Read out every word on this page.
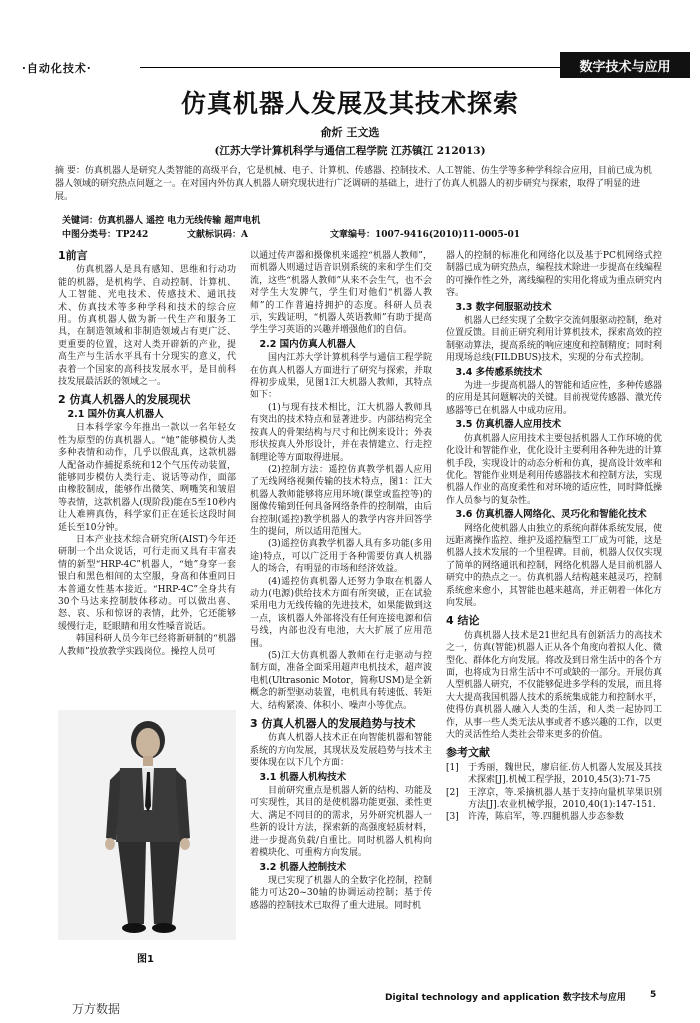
·自动化技术·	数字技术与应用
仿真机器人发展及其技术探索
俞炘 王文选
(江苏大学计算机科学与通信工程学院 江苏镇江 212013)
摘 要：仿真机器人是研究人类智能的高级平台，它是机械、电子、计算机、传感器、控制技术、人工智能、仿生学等多种学科综合应用，目前已成为机器人领域的研究热点问题之一。在对国内外仿真人机器人研究现状进行广泛调研的基础上，进行了仿真人机器人的初步研究与探索，取得了明显的进展。
关键词：仿真机器人 遥控 电力无线传输 超声电机
中图分类号：TP242	文献标识码：A	文章编号：1007-9416(2010)11-0005-01
1前言

仿真机器人是具有感知、思维和行动功能的机器，是机构学、自动控制、计算机、人工智能、光电技术、传感技术、通讯技术、仿真技术等多种学科和技术的综合应用。仿真机器人做为新一代生产和服务工具，在制造领域和非制造领域占有更广泛、更重要的位置，这对人类开辟新的产业，提高生产与生活水平具有十分现实的意义，代表着一个国家的高科技发展水平，是目前科技发展最活跃的领域之一。

2 仿真人机器人的发展现状
2.1 国外仿真人机器人

日本科学家今年推出一款以一名年轻女性为原型的仿真机器人。“她”能够模仿人类多种表情和动作，几乎以假乱真，这款机器人配备动作捕捉系统和12个气压传动装置，能够同步模仿人类行走、说话等动作，面部由橡胶制成，能够作出微笑、咧嘴笑和皱眉等表情，这款机器人(现阶段)能在5至10秒内让人难辨真伪，科学家们正在延长这段时间延长至10分钟。

日本产业技术综合研究所(AIST)今年还研制一个出众说话，可行走而又具有丰富表情的新型“HRP-4C”机器人，“她”身穿一套银白和黑色相间的太空服，身高和体重同日本普通女性基本接近。“HRP-4C”全身共有30个马达来控制肢体移动。可以做出喜、怒、哀、乐和惊讶的表情，此外，它还能够缓慢行走，眨眼睛和用女性嗓音说话。

韩国科研人员今年已经将新研制的“机器人教师”投放教学实践岗位。操控人员可

图1

以通过传声器和摄像机来遥控“机器人教师”，而机器人则通过语音识别系统的来和学生们交流，这些“机器人教师”从来不会生气，也不会对学生大发脾气，学生们对他们“机器人教师”的工作普遍持拥护的态度。科研人员表示，实践证明，“机器人英语教师”有助于提高学生学习英语的兴趣并增强他们的自信。

2.2 国内仿真人机器人

国内江苏大学计算机科学与通信工程学院在仿真人机器人方面进行了研究与探索，并取得初步成果，见图1江大机器人教师，其特点如下：

(1)与现有技术相比，江大机器人教师具有突出的技术特点和显著进步。内部结构完全按真人的骨架结构与尺寸和比例来设计；外表形状按真人外形设计，并在表情建立、行走控制理论等方面取得进展。

(2)控制方法：遥控仿真教学机器人应用了无线网络视频传输的技术特点，图1：江大机器人教师能够将应用环境(课堂或监控等)的图像传输到任何具备网络条件的控制端，由后台控制(遥控)教学机器人的教学内容并回答学生的提问，所以适用范围大。

(3)遥控仿真教学机器人具有多功能(多用途)特点，可以广泛用于各种需要仿真人机器人的场合，有明显的市场和经济效益。

(4)遥控仿真机器人还努力争取在机器人动力(电源)供给技术方面有所突破，正在试验采用电力无线传输的先进技术，如果能做到这一点，该机器人外部将没有任何连接电源和信号线，内部也没有电池，大大扩展了应用范围。

(5)江大仿真机器人教师在行走驱动与控制方面，准备全面采用超声电机技术，超声波电机(Ultrasonic Motor，简称USM)是全新概念的新型驱动装置，电机具有转速低、转矩大、结构紧凑、体积小、噪声小等优点。

3 仿真人机器人的发展趋势与技术

仿真人机器人技术正在向智能机器和智能系统的方向发展，其现状及发展趋势与技术主要体现在以下几个方面：

3.1 机器人机构技术

目前研究重点是机器人新的结构、功能及可实现性，其目的是使机器功能更强、柔性更大、满足不同目的的需求，另外研究机器人一些新的设计方法，探索新的高强度轻质材料，进一步提高负载/自重比。同时机器人机构向着模块化、可重构方向发展。

3.2 机器人控制技术

现已实现了机器人的全数字化控制，控制能力可达20~30轴的协调运动控制；基于传感器的控制技术已取得了重大进展。同时机

器人的控制的标准化和网络化以及基于PC机网络式控制器已成为研究热点，编程技术除进一步提高在线编程的可操作性之外，离线编程的实用化将成为重点研究内容。

3.3 数字伺服驱动技术

机器人已经实现了全数字交流伺服驱动控制，绝对位置反馈。目前正研究利用计算机技术，探索高效的控制驱动算法，提高系统的响应速度和控制精度；同时利用现场总线(FILDBUS)技术，实现的分布式控制。

3.4 多传感系统技术

为进一步提高机器人的智能和适应性，多种传感器的应用是其问题解决的关键。目前视觉传感器、激光传感器等已在机器人中成功应用。

3.5 仿真机器人应用技术

仿真机器人应用技术主要包括机器人工作环境的优化设计和智能作业，优化设计主要利用各种先进的计算机手段，实现设计的动态分析和仿真，提高设计效率和优化。智能作业则是利用传感器技术和控制方法，实现机器人作业的高度柔性和对环境的适应性，同时降低操作人员参与的复杂性。

3.6 仿真机器人网络化、灵巧化和智能化技术

网络化使机器人由独立的系统向群体系统发展，使远距离操作监控、维护及遥控脑型工厂成为可能，这是机器人技术发展的一个里程碑。目前，机器人仅仅实现了简单的网络通讯和控制，网络化机器人是目前机器人研究中的热点之一。仿真机器人结构越来越灵巧，控制系统愈来愈小，其智能也越来越高，并正朝着一体化方向发展。

4 结论

仿真机器人技术是21世纪具有创新活力的高技术之一，仿真(智能)机器人正从各个角度向着拟人化、微型化、群体化方向发展。将改及到日常生活中的各个方面，也将成为日常生活中不可或缺的一部分。开展仿真人型机器人研究，不仅能够促进多学科的发展，而且将大大提高我国机器人技术的系统集成能力和控制水平，使得仿真机器人融入人类的生活，和人类一起协同工作，从事一些人类无法从事或者不感兴趣的工作，以更大的灵活性给人类社会带来更多的价值。

参考文献

[1] 于秀丽，魏世民，廖启征.仿人机器人发展及其技术探索[J].机械工程学报，2010,45(3):71-75

[2] 王淳京，等.采摘机器人基于支持向量机苹果识别方法[J].农业机械学报，2010,40(1):147-151.

[3] 许涛，陈启军，等.四腿机器人步态参数

万方数据
Digital technology and application 数字技术与应用	5
